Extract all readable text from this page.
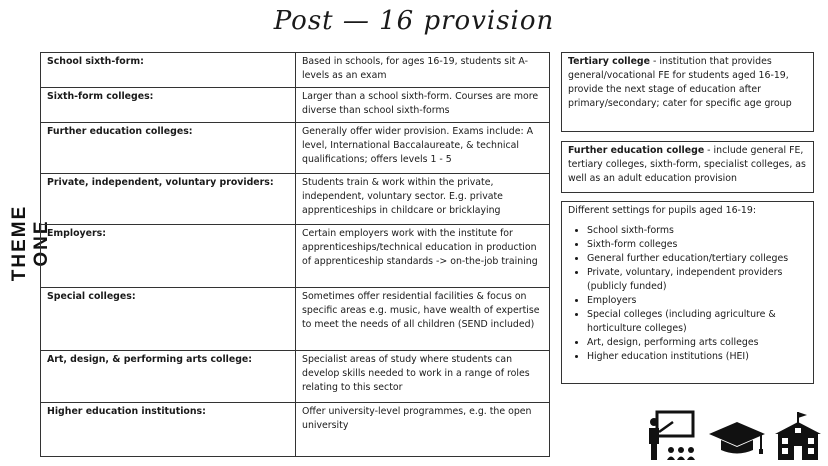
Post — 16 provision
THEME ONE
School sixth-form:	Based in schools, for ages 16-19, students sit A-levels as an exam
Sixth-form colleges:	Larger than a school sixth-form. Courses are more diverse than school sixth-forms
Further education colleges:	Generally offer wider provision. Exams include: A level, International Baccalaureate, & technical qualifications; offers levels 1 - 5
Private, independent, voluntary providers:	Students train & work within the private, independent, voluntary sector. E.g. private apprenticeships in childcare or bricklaying
Employers:	Certain employers work with the institute for apprenticeships/technical education in production of apprenticeship standards -> on-the-job training
Special colleges:	Sometimes offer residential facilities & focus on specific areas e.g. music, have wealth of expertise to meet the needs of all children (SEND included)
Art, design, & performing arts college:	Specialist areas of study where students can develop skills needed to work in a range of roles relating to this sector
Higher education institutions:	Offer university-level programmes, e.g. the open university
Tertiary college - institution that provides general/vocational FE for students aged 16-19, provide the next stage of education after primary/secondary; cater for specific age group
Further education college - include general FE, tertiary colleges, sixth-form, specialist colleges, as well as an adult education provision
Different settings for pupils aged 16-19:
• School sixth-forms
• Sixth-form colleges
• General further education/tertiary colleges
• Private, voluntary, independent providers (publicly funded)
• Employers
• Special colleges (including agriculture & horticulture colleges)
• Art, design, performing arts colleges
• Higher education institutions (HEI)
